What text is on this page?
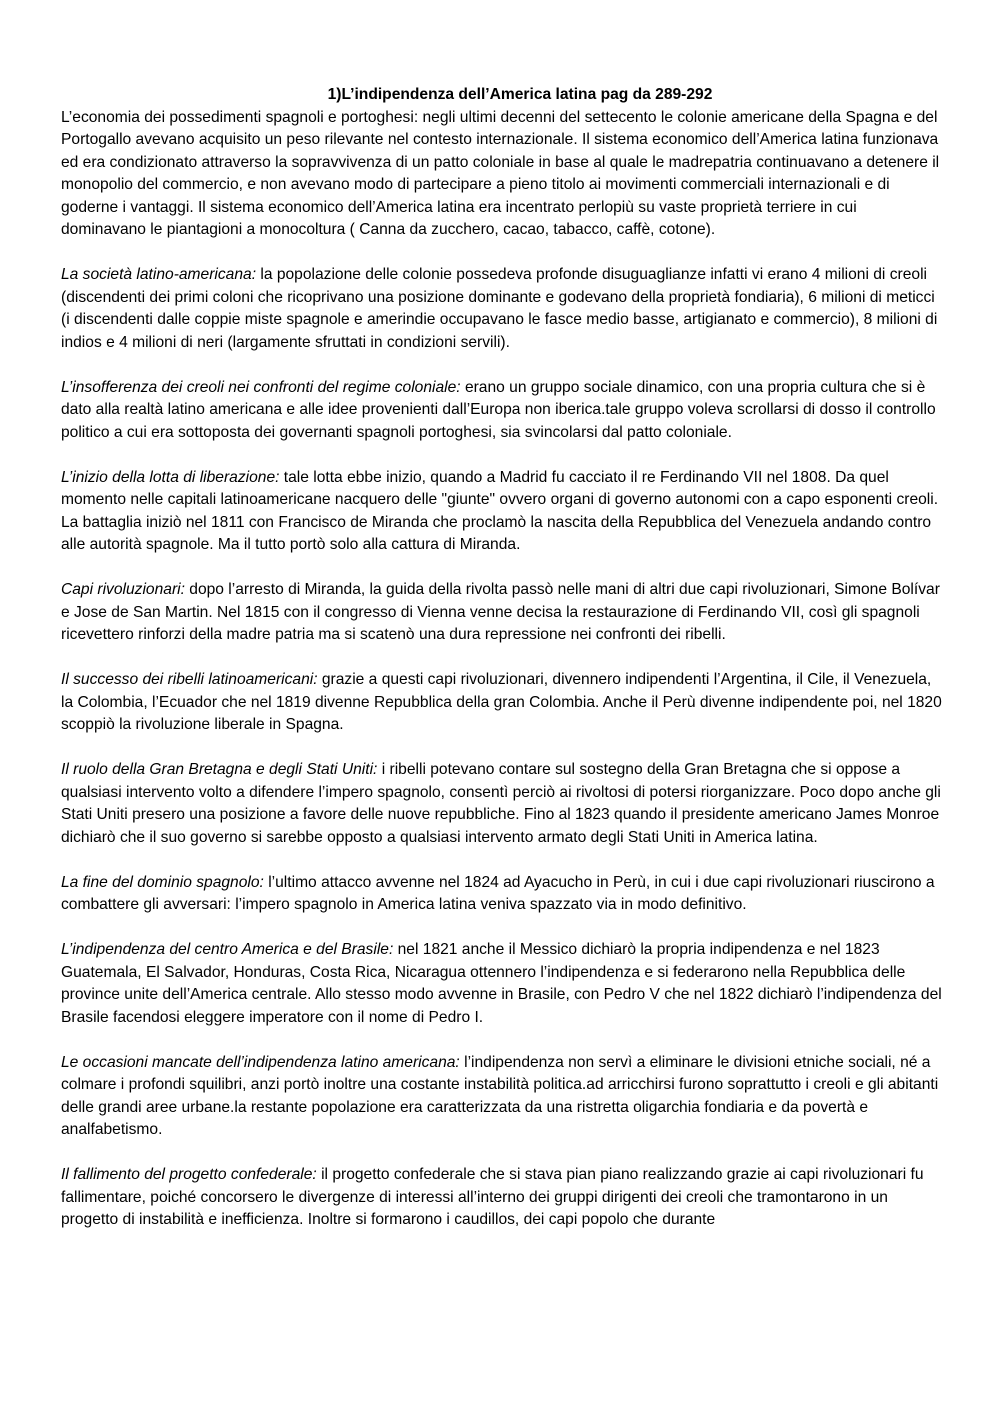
1)L’indipendenza dell’America latina pag da 289-292

L’economia dei possedimenti spagnoli e portoghesi: negli ultimi decenni del settecento le colonie americane della Spagna e del Portogallo avevano acquisito un peso rilevante nel contesto internazionale. Il sistema economico dell’America latina funzionava ed era condizionato attraverso la sopravvivenza di un patto coloniale in base al quale le madrepatria continuavano a detenere il monopolio del commercio, e non avevano modo di partecipare a pieno titolo ai movimenti commerciali internazionali e di goderne i vantaggi. Il sistema economico dell’America latina era incentrato perlopiù su vaste proprietà terriere in cui dominavano le piantagioni a monocoltura ( Canna da zucchero, cacao, tabacco, caffè, cotone).

La società latino-americana: la popolazione delle colonie possedeva profonde disuguaglianze infatti vi erano 4 milioni di creoli (discendenti dei primi coloni che ricoprivano una posizione dominante e godevano della proprietà fondiaria), 6 milioni di meticci (i discendenti dalle coppie miste spagnole e amerindie occupavano le fasce medio basse, artigianato e commercio), 8 milioni di indios e 4 milioni di neri (largamente sfruttati in condizioni servili).

L’insofferenza dei creoli nei confronti del regime coloniale: erano un gruppo sociale dinamico, con una propria cultura che si è dato alla realtà latino americana e alle idee provenienti dall’Europa non iberica.tale gruppo voleva scrollarsi di dosso il controllo politico a cui era sottoposta dei governanti spagnoli portoghesi, sia svincolarsi dal patto coloniale.

L’inizio della lotta di liberazione: tale lotta ebbe inizio, quando a Madrid fu cacciato il re Ferdinando VII nel 1808. Da quel momento nelle capitali latinoamericane nacquero delle "giunte" ovvero organi di governo autonomi con a capo esponenti creoli. La battaglia iniziò nel 1811 con Francisco de Miranda che proclamò la nascita della Repubblica del Venezuela andando contro alle autorità spagnole. Ma il tutto portò solo alla cattura di Miranda.

Capi rivoluzionari: dopo l’arresto di Miranda, la guida della rivolta passò nelle mani di altri due capi rivoluzionari, Simone Bolívar e Jose de San Martin. Nel 1815 con il congresso di Vienna venne decisa la restaurazione di Ferdinando VII, così gli spagnoli ricevettero rinforzi della madre patria ma si scatenò una dura repressione nei confronti dei ribelli.

Il successo dei ribelli latinoamericani: grazie a questi capi rivoluzionari, divennero indipendenti l’Argentina, il Cile, il Venezuela, la Colombia, l’Ecuador che nel 1819 divenne Repubblica della gran Colombia. Anche il Perù divenne indipendente poi, nel 1820 scoppiò la rivoluzione liberale in Spagna.

Il ruolo della Gran Bretagna e degli Stati Uniti: i ribelli potevano contare sul sostegno della Gran Bretagna che si oppose a qualsiasi intervento volto a difendere l’impero spagnolo, consentì perciò ai rivoltosi di potersi riorganizzare. Poco dopo anche gli Stati Uniti presero una posizione a favore delle nuove repubbliche. Fino al 1823 quando il presidente americano James Monroe dichiarò che il suo governo si sarebbe opposto a qualsiasi intervento armato degli Stati Uniti in America latina.

La fine del dominio spagnolo: l’ultimo attacco avvenne nel 1824 ad Ayacucho in Perù, in cui i due capi rivoluzionari riuscirono a combattere gli avversari: l’impero spagnolo in America latina veniva spazzato via in modo definitivo.

L’indipendenza del centro America e del Brasile: nel 1821 anche il Messico dichiarò la propria indipendenza e nel 1823 Guatemala, El Salvador, Honduras, Costa Rica, Nicaragua ottennero l’indipendenza e si federarono nella Repubblica delle province unite dell’America centrale. Allo stesso modo avvenne in Brasile, con Pedro V che nel 1822 dichiarò l’indipendenza del Brasile facendosi eleggere imperatore con il nome di Pedro I.

Le occasioni mancate dell’indipendenza latino americana: l’indipendenza non servì a eliminare le divisioni etniche sociali, né a colmare i profondi squilibri, anzi portò inoltre una costante instabilità politica.ad arricchirsi furono soprattutto i creoli e gli abitanti delle grandi aree urbane.la restante popolazione era caratterizzata da una ristretta oligarchia fondiaria e da povertà e analfabetismo.

Il fallimento del progetto confederale: il progetto confederale che si stava pian piano realizzando grazie ai capi rivoluzionari fu fallimentare, poiché concorsero le divergenze di interessi all’interno dei gruppi dirigenti dei creoli che tramontarono in un progetto di instabilità e inefficienza. Inoltre si formarono i caudillos, dei capi popolo che durante
